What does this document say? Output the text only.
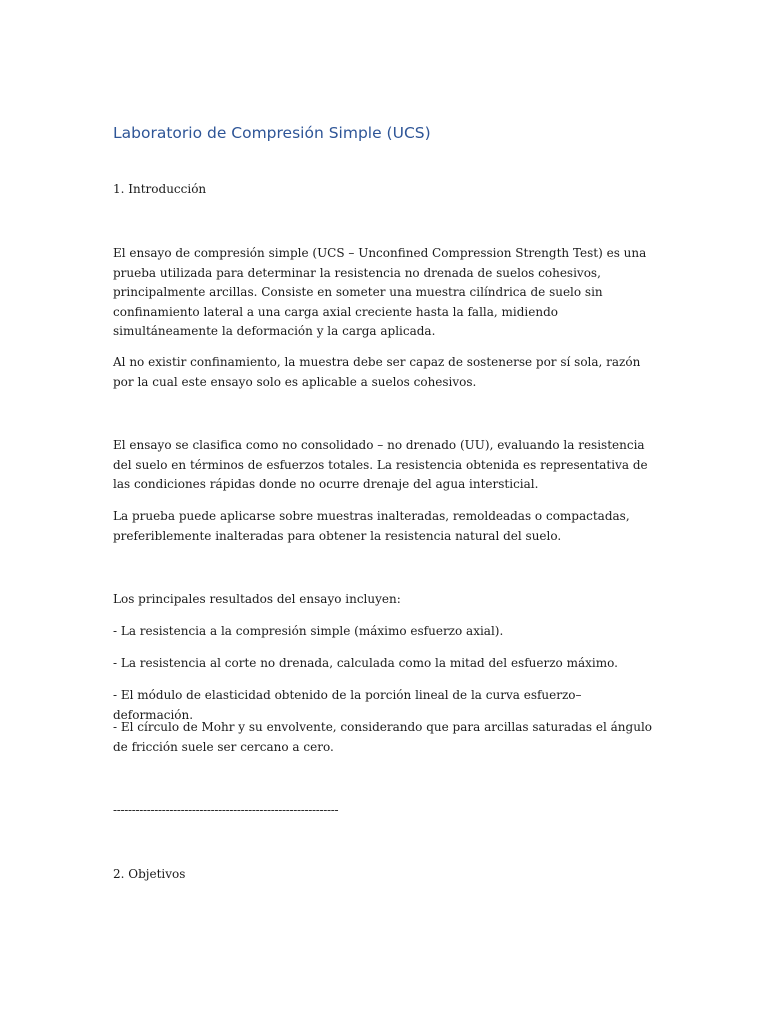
Laboratorio de Compresión Simple (UCS)

1. Introducción

El ensayo de compresión simple (UCS – Unconfined Compression Strength Test) es una prueba utilizada para determinar la resistencia no drenada de suelos cohesivos, principalmente arcillas. Consiste en someter una muestra cilíndrica de suelo sin confinamiento lateral a una carga axial creciente hasta la falla, midiendo simultáneamente la deformación y la carga aplicada.

Al no existir confinamiento, la muestra debe ser capaz de sostenerse por sí sola, razón por la cual este ensayo solo es aplicable a suelos cohesivos.

El ensayo se clasifica como no consolidado – no drenado (UU), evaluando la resistencia del suelo en términos de esfuerzos totales. La resistencia obtenida es representativa de las condiciones rápidas donde no ocurre drenaje del agua intersticial.

La prueba puede aplicarse sobre muestras inalteradas, remoldeadas o compactadas, preferiblemente inalteradas para obtener la resistencia natural del suelo.

Los principales resultados del ensayo incluyen:

- La resistencia a la compresión simple (máximo esfuerzo axial).

- La resistencia al corte no drenada, calculada como la mitad del esfuerzo máximo.

- El módulo de elasticidad obtenido de la porción lineal de la curva esfuerzo–deformación.

- El círculo de Mohr y su envolvente, considerando que para arcillas saturadas el ángulo de fricción suele ser cercano a cero.

------------------------------------------------------------

2. Objetivos
